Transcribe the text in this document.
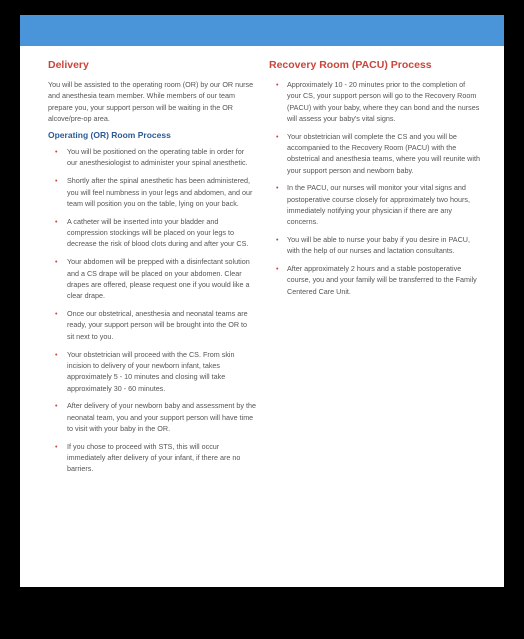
Delivery

You will be assisted to the operating room (OR) by our OR nurse and anesthesia team member. While members of our team prepare you, your support person will be waiting in the OR alcove/pre-op area.

Operating (OR) Room Process
• You will be positioned on the operating table in order for our anesthesiologist to administer your spinal anesthetic.
• Shortly after the spinal anesthetic has been administered, you will feel numbness in your legs and abdomen, and our team will position you on the table, lying on your back.
• A catheter will be inserted into your bladder and compression stockings will be placed on your legs to decrease the risk of blood clots during and after your CS.
• Your abdomen will be prepped with a disinfectant solution and a CS drape will be placed on your abdomen. Clear drapes are offered, please request one if you would like a clear drape.
• Once our obstetrical, anesthesia and neonatal teams are ready, your support person will be brought into the OR to sit next to you.
• Your obstetrician will proceed with the CS. From skin incision to delivery of your newborn infant, takes approximately 5 - 10 minutes and closing will take approximately 30 - 60 minutes.
• After delivery of your newborn baby and assessment by the neonatal team, you and your support person will have time to visit with your baby in the OR.
• If you chose to proceed with STS, this will occur immediately after delivery of your infant, if there are no barriers.
Recovery Room (PACU) Process
• Approximately 10 - 20 minutes prior to the completion of your CS, your support person will go to the Recovery Room (PACU) with your baby, where they can bond and the nurses will assess your baby's vital signs.
• Your obstetrician will complete the CS and you will be accompanied to the Recovery Room (PACU) with the obstetrical and anesthesia teams, where you will reunite with your support person and newborn baby.
• In the PACU, our nurses will monitor your vital signs and postoperative course closely for approximately two hours, immediately notifying your physician if there are any concerns.
• You will be able to nurse your baby if you desire in PACU, with the help of our nurses and lactation consultants.
• After approximately 2 hours and a stable postoperative course, you and your family will be transferred to the Family Centered Care Unit.
